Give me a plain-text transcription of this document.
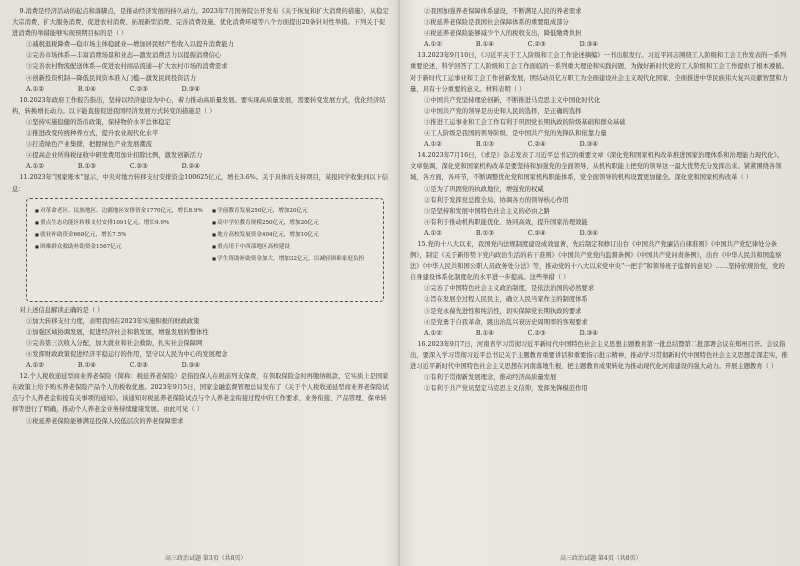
9.消费是经济活动的起点和落脚点，是推动经济发展的持久动力。2023年7月国务院公开发布《关于恢复和扩大消费的措施》，从稳定大宗消费、扩大服务消费、促进农村消费、拓展新型消费、完善消费设施、优化消费环境等八个方面提出20条针对性举措。下列关于促进消费的举措能够实现预期目标的是（ ）

①减税退税降费—稳市场主体稳就业—增加居民财产性收入以提升消费能力

②完善市场体系—丰富消费场景和业态—激发消费活力以提振消费信心

③完善农村物流配送体系—促进农村商品流通—扩大农村市场的消费需求

④创新投资机制—降低民间资本准入门槛—激发民间投资活力

A.①② B.①④ C.②③ D.③④

10.2023年政府工作报告指出，坚持以经济建设为中心，着力推动高质量发展。要实现高质量发展，需要转变发展方式，优化经济结构，转换增长动力。以下能直接促进我国经济发展方式转变的措施是（ ）

①坚持实施稳健的货币政策，保持物价水平总体稳定

②推进改变传统种养方式，提升农业现代化水平

③打造绿色产业集群，把握绿色产业发展潮流

④提高企业所得税征收中研发费用加计扣除比例，激发创新活力

A.①② B.①③ C.②③ D.②④

11.2023年“国家账本”显示，中央对地方转移支付安排资金100625亿元，增长3.6%。关于具体的支持项目，某报同学收集到以下信息：

■ 对革命老区、民族地区、边疆地区安排资金1770亿元，增长8.9%
■ 重点生态功能区转移支付安排1091亿元，增长9.9%
■ 就业补助资金668亿元，增长7.5%
■ 困难群众救助补助资金1567亿元
■ 学前教育发展250亿元，增加20亿元
■ 高中学位教育规模250亿元，增加20亿元
■ 地方高校发展资金404亿元，增加10亿元
■ 重点用于中西部地区高校建设
■ 学生资助补助资金加大，增加32亿元，以减轻困难家庭负担

对上述信息解读正确的是（ ）

①加大转移支付力度，表明我国在2023年实施积极的财政政策

②加强区域协调发展，促进经济社会和谐发展，增强发展的整体性

③完善第三次收入分配，加大就业和社会救助，扎实社会保障网

④发挥财政政策促进经济平稳运行的作用，坚守以人民为中心的发展理念

A.①② B.①④ C.②③ D.③④

12.个人税收递延型商业养老保险（简称：税延养老保险）是指投保人在税前列支保费，在领取保险金时再缴纳税款，它实质上是国家在政策上给予购买养老保险产品个人的税收优惠。2023年9月5日，国家金融监督管理总局发布了《关于个人税收递延型商业养老保险试点与个人养老金衔接有关事项的通知》。该通知对税延养老保险试点与个人养老金衔接过程中的工作要求、业务衔接、产品管理、保单转移等进行了明确，推动个人养老金业务持续健康发展。由此可见（ ）

①税延养老保险能够满足投保人较低层次的养老保障需求

高三政治试题 第3页（共8页）

②我国加强养老保障体系建设，不断满足人民的养老需求

③税延养老保险是我国社会保障体系的重要组成部分

④税延养老保险能够减少个人的税收支出，降低缴费负担

A.①② B.①④ C.②③ D.③④

13.2023年9月10日，《习近平关于工人阶级和工会工作论述摘编》一书出版发行。习近平同志围绕工人阶级和工会工作发表的一系列重要论述，科学回答了工人阶级和工会工作面临的一系列重大理论和实践问题，为做好新时代党的工人阶级和工会工作提供了根本遵循。对于新时代工运事业和工会工作创新发展，团结动员亿万职工为全面建设社会主义现代化国家、全面推进中华民族伟大复兴贡献智慧和力量，具有十分重要的意义。材料表明（ ）

①中国共产党坚持理论创新，不断推进马克思主义中国化时代化

②中国共产党的领导是历史和人民的选择，是正确的选择

③推进工运事业和工会工作有利于巩固党长期执政的阶级基础和群众基础

④工人阶级是我国的领导阶级，是中国共产党的先锋队和依靠力量

A.①② B.①③ C.②④ D.③④

14.2023年7月16日，《求是》杂志发表了习近平总书记的重要文章《深化党和国家机构改革推进国家治理体系和治理能力现代化》。文章强调，深化党和国家机构改革是要坚持和加强党的全面领导，从机构职能上把党的领导这一最大优势充分发挥出来。紧紧围绕各领域，各方面，各环节，不断调整优化党和国家机构职能体系，党全面领导的机构设置更加健全。深化党和国家机构改革（ ）

①是为了巩固党的执政地位，增强党的权威

②有利于发挥党总揽全局、协调各方的领导核心作用

③是坚持和发展中国特色社会主义的必由之路

④有利于推动机构职能优化、协同高效，提升国家治理效能

A.①② B.①③ C.②④ D.③④

15.党的十八大以来，我国党内法规制度建设成效显著，先后制定和修订出台《中国共产党廉洁自律准则》《中国共产党纪律处分条例》，制定《关于新形势下党内政治生活的若干准则》《中国共产党党内监督条例》《中国共产党问责条例》，出台《中华人民共和国监察法》《中华人民共和国公职人员政务处分法》等，推动党的十八大以来党中央“一把手”和领导班子监督的意见》……坚持依规治党，党的自身建设体系化制度化的水平进一步提高。这些举措（ ）

①完善了中国特色社会主义政治制度，是依法治国的必然要求

②旨在发展全过程人民民主，确立人民当家作主的制度体系

③是党永葆先进性和纯洁性，切实保障党长期执政的要求

④是党勇于自我革命，跳出治乱兴衰历史周期率的客观要求

A.①② B.①④ C.②③ D.③④

16.2023年9月7日，河南省学习贯彻习近平新时代中国特色社会主义思想主题教育第一批总结暨第二批部署会议在郑州召开。会议指出，要深入学习贯彻习近平总书记关于主题教育重要讲话和重要指示批示精神，推动学习贯彻新时代中国特色社会主义思想走深走实，推进习近平新时代中国特色社会主义思想在河南落地生根，把主题教育成果转化为推动现代化河南建设的强大动力。开展主题教育（ ）

①有利于贯彻新发展理念，推动经济高质量发展

②有利于共产党员坚定马克思主义信仰，发挥先锋模范作用

高三政治试题 第4页（共8页）
